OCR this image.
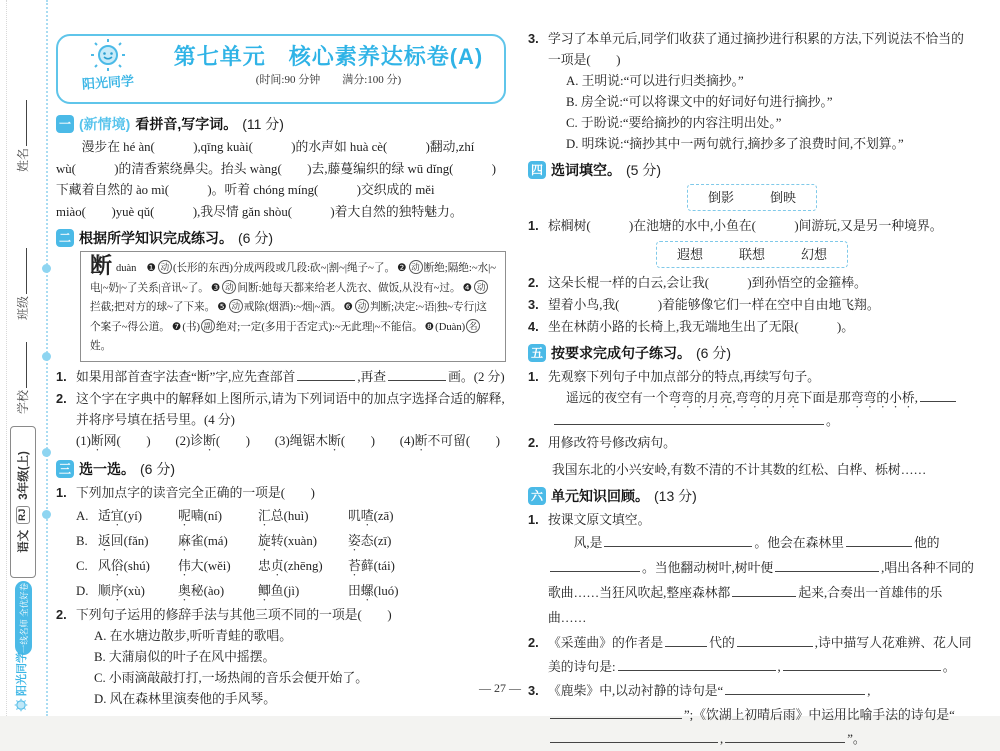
姓名
班级
学校
语文
RJ
3年级(上)
一线名师 全优好卷
阳光同学
阳光同学
第七单元　核心素养达标卷(A)
(时间:90 分钟　　满分:100 分)
一 (新情境) 看拼音,写字词。 (11 分)

漫步在 hé àn(　　　),qīng kuài(　　　)的水声如 huà cè(　　　)翻动,zhí wù(　　　)的清香萦绕鼻尖。抬头 wàng(　　)去,藤蔓编织的绿 wū dǐng(　　　)下藏着自然的 ào mì(　　　)。听着 chóng míng(　　　)交织成的 měi miào(　　)yuè qǔ(　　　),我尽情 gǎn shòu(　　　)着大自然的独特魅力。

二 根据所学知识完成练习。 (6 分)
断duàn ❶ 动 (长形的东西)分成两段或几段:砍~|割~|绳子~了。 ❷ 动 断绝;隔绝:~水|~电|~奶|~了关系|音讯~了。 ❸ 动 间断:她每天都来给老人洗衣、做饭,从没有~过。 ❹ 动拦截;把对方的球~了下来。 ❺ 动 戒除(烟酒):~烟|~酒。 ❻ 动 判断;决定:~语|独~专行|这个案子~得公道。 ❼(书) 副 绝对;一定(多用于否定式):~无此理|~不能信。 ❽(Duàn) 名姓。

1. 如果用部首查字法查“断”字,应先查部首	,再查	画。(2 分)

2. 这个字在字典中的解释如上图所示,请为下列词语中的加点字选择合适的解释,并将序号填在括号里。(4 分)

(1)断网(　　) (2)诊断(　　) (3)绳锯木断(　　) (4)断不可留(　　)

三 选一选。 (6 分)

1. 下列加点字的读音完全正确的一项是(　　)

A. 适宜(yí)	呢喃(ní)	汇总(huì)	叽喳(zā)

B. 返回(fǎn)	麻雀(má)	旋转(xuàn)	姿态(zī)

C. 风俗(shú)	伟大(wěi)	忠贞(zhēng)	苔藓(tái)

D. 顺序(xù)	奥秘(ào)	鲫鱼(jì)	田螺(luó)

2. 下列句子运用的修辞手法与其他三项不同的一项是(　　)

A. 在水塘边散步,听听青蛙的歌唱。

B. 大蒲扇似的叶子在风中摇摆。

C. 小雨滴敲敲打打,一场热闹的音乐会便开始了。

D. 风在森林里演奏他的手风琴。

3. 学习了本单元后,同学们收获了通过摘抄进行积累的方法,下列说法不恰当的一项是(　　)

A. 王明说:“可以进行归类摘抄。”

B. 房全说:“可以将课文中的好词好句进行摘抄。”

C. 于盼说:“要给摘抄的内容注明出处。”

D. 明珠说:“摘抄其中一两句就行,摘抄多了浪费时间,不划算。”

四 选词填空。 (5 分)
倒影	倒映

1. 棕榈树(　　　)在池塘的水中,小鱼在(　　　)间游玩,又是另一种境界。

遐想	联想	幻想

2. 这朵长棍一样的白云,会让我(　　　)到孙悟空的金箍棒。

3. 望着小鸟,我(　　　)着能够像它们一样在空中自由地飞翔。

4. 坐在林荫小路的长椅上,我无端地生出了无限(　　　)。

五 按要求完成句子练习。 (6 分)

1. 先观察下列句子中加点部分的特点,再续写句子。

遥远的夜空有一个弯弯的月亮,弯弯的月亮下面是那弯弯的小桥,

。

2. 用修改符号修改病句。

我国东北的小兴安岭,有数不清的不计其数的红松、白桦、栎树……

六 单元知识回顾。 (13 分)

1. 按课文原文填空。

风,是	。他会在森林里	他的。当他翻动树叶,树叶便	,唱出各种不同的歌曲……当狂风吹起,整座森林都	起来,合奏出一首雄伟的乐曲……

2. 《采莲曲》的作者是	代的	,诗中描写人花难辨、花人同美的诗句是:	,	。

3. 《鹿柴》中,以动衬静的诗句是“	,”;《饮湖上初晴后雨》中运用比喻手法的诗句是“,	”。

— 27 —
